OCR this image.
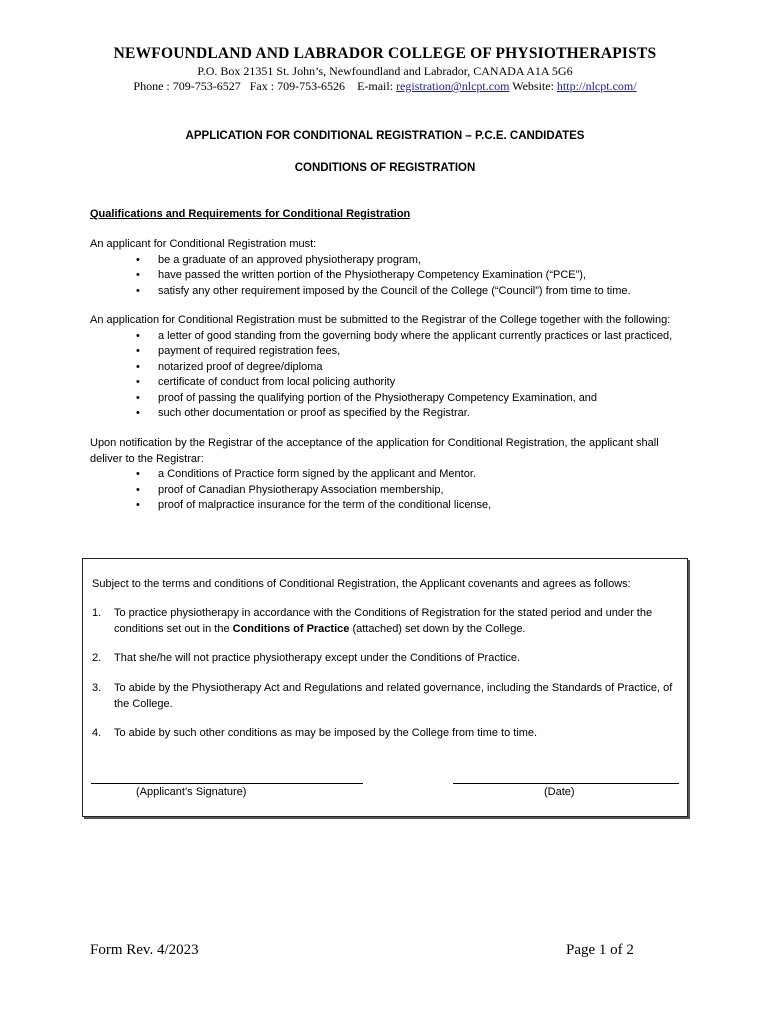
NEWFOUNDLAND AND LABRADOR COLLEGE OF PHYSIOTHERAPISTS
P.O. Box 21351 St. John’s, Newfoundland and Labrador, CANADA A1A 5G6
Phone : 709-753-6527 Fax : 709-753-6526 E-mail: registration@nlcpt.com Website: http://nlcpt.com/
APPLICATION FOR CONDITIONAL REGISTRATION – P.C.E. CANDIDATES
CONDITIONS OF REGISTRATION
Qualifications and Requirements for Conditional Registration

An applicant for Conditional Registration must:

• be a graduate of an approved physiotherapy program,
• have passed the written portion of the Physiotherapy Competency Examination (“PCE”),
• satisfy any other requirement imposed by the Council of the College (“Council”) from time to time.

An application for Conditional Registration must be submitted to the Registrar of the College together with the following:

• a letter of good standing from the governing body where the applicant currently practices or last practiced,
• payment of required registration fees,
• notarized proof of degree/diploma
• certificate of conduct from local policing authority
• proof of passing the qualifying portion of the Physiotherapy Competency Examination, and
• such other documentation or proof as specified by the Registrar.

Upon notification by the Registrar of the acceptance of the application for Conditional Registration, the applicant shall deliver to the Registrar:

• a Conditions of Practice form signed by the applicant and Mentor.
• proof of Canadian Physiotherapy Association membership,
• proof of malpractice insurance for the term of the conditional license,
Subject to the terms and conditions of Conditional Registration, the Applicant covenants and agrees as follows:
1.	To practice physiotherapy in accordance with the Conditions of Registration for the stated period and under the conditions set out in the Conditions of Practice (attached) set down by the College.
2.	That she/he will not practice physiotherapy except under the Conditions of Practice.
3.	To abide by the Physiotherapy Act and Regulations and related governance, including the Standards of Practice, of the College.
4.	To abide by such other conditions as may be imposed by the College from time to time.
(Applicant’s Signature)	(Date)
Form Rev. 4/2023	Page 1 of 2
